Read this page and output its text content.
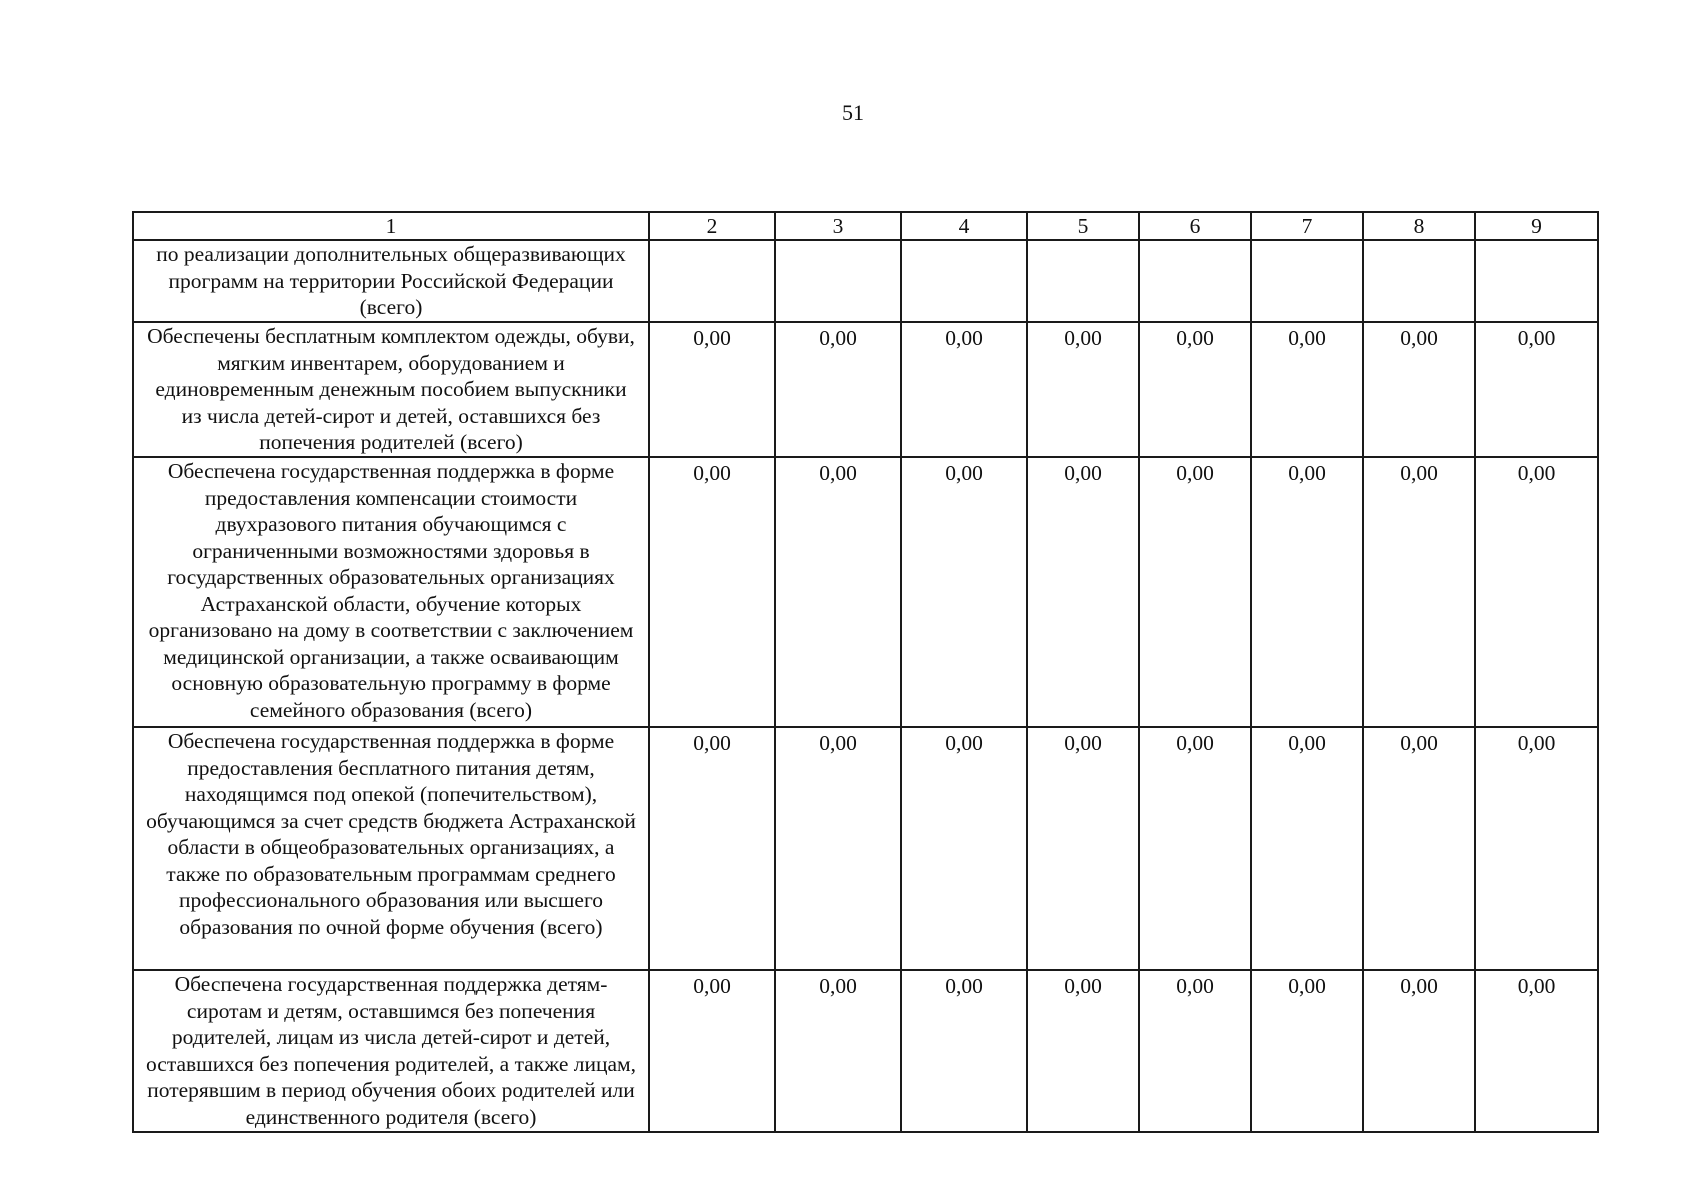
51
1	2	3	4	5	6	7	8	9
по реализации дополнительных общеразвивающих программ на территории Российской Федерации (всего)								
Обеспечены бесплатным комплектом одежды, обуви, мягким инвентарем, оборудованием и единовременным денежным пособием выпускники из числа детей-сирот и детей, оставшихся без попечения родителей (всего)	0,00	0,00	0,00	0,00	0,00	0,00	0,00	0,00
Обеспечена государственная поддержка в форме предоставления компенсации стоимости двухразового питания обучающимся с ограниченными возможностями здоровья в государственных образовательных организациях Астраханской области, обучение которых организовано на дому в соответствии с заключением медицинской организации, а также осваивающим основную образовательную программу в форме семейного образования (всего)	0,00	0,00	0,00	0,00	0,00	0,00	0,00	0,00
Обеспечена государственная поддержка в форме предоставления бесплатного питания детям, находящимся под опекой (попечительством), обучающимся за счет средств бюджета Астраханской области в общеобразовательных организациях, а также по образовательным программам среднего профессионального образования или высшего образования по очной форме обучения (всего)	0,00	0,00	0,00	0,00	0,00	0,00	0,00	0,00
Обеспечена государственная поддержка детям-сиротам и детям, оставшимся без попечения родителей, лицам из числа детей-сирот и детей, оставшихся без попечения родителей, а также лицам, потерявшим в период обучения обоих родителей или единственного родителя (всего)	0,00	0,00	0,00	0,00	0,00	0,00	0,00	0,00
